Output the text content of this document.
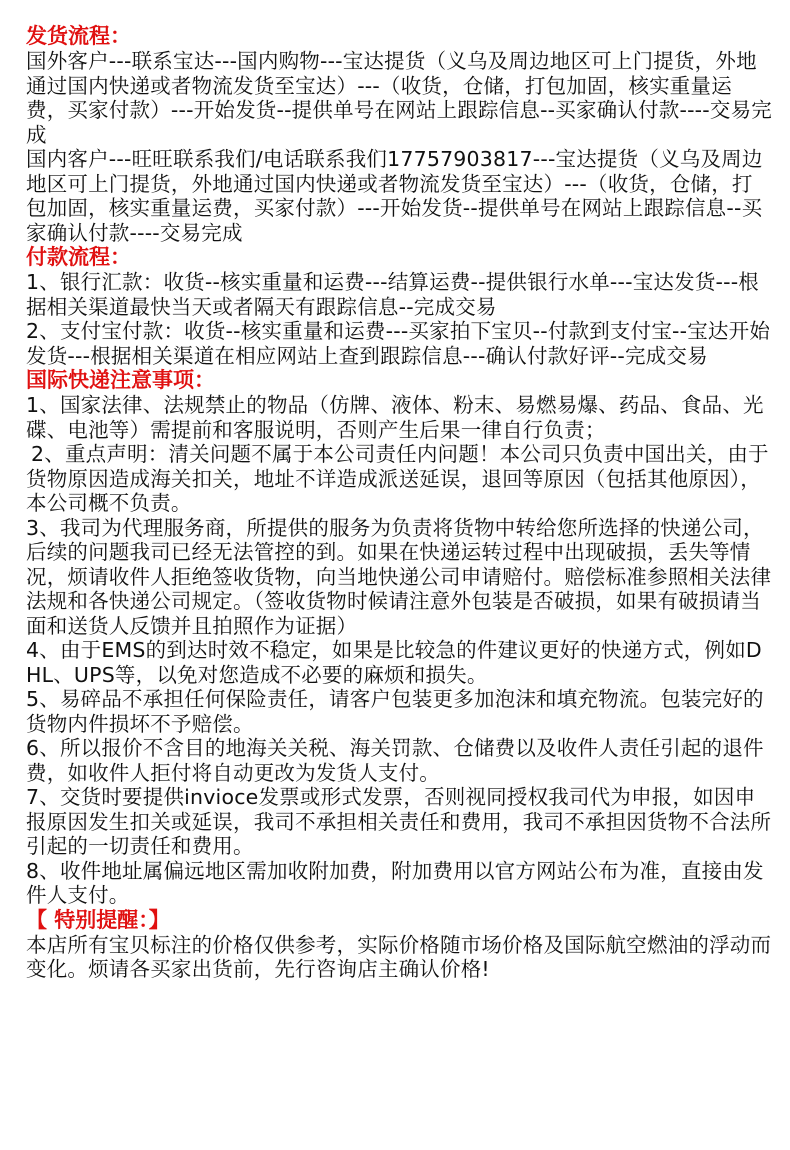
发货流程：

国外客户---联系宝达---国内购物---宝达提货（义乌及周边地区可上门提货，外地通过国内快递或者物流发货至宝达）---（收货，仓储，打包加固，核实重量运费，买家付款）---开始发货--提供单号在网站上跟踪信息--买家确认付款----交易完成

国内客户---旺旺联系我们/电话联系我们17757903817---宝达提货（义乌及周边地区可上门提货，外地通过国内快递或者物流发货至宝达）---（收货，仓储，打包加固，核实重量运费，买家付款）---开始发货--提供单号在网站上跟踪信息--买家确认付款----交易完成

付款流程：

1、银行汇款：收货--核实重量和运费---结算运费--提供银行水单---宝达发货---根据相关渠道最快当天或者隔天有跟踪信息--完成交易

2、支付宝付款：收货--核实重量和运费---买家拍下宝贝--付款到支付宝--宝达开始发货---根据相关渠道在相应网站上查到跟踪信息---确认付款好评--完成交易

国际快递注意事项：

1、国家法律、法规禁止的物品（仿牌、液体、粉末、易燃易爆、药品、食品、光碟、电池等）需提前和客服说明，否则产生后果一律自行负责；

2、重点声明：清关问题不属于本公司责任内问题！本公司只负责中国出关，由于货物原因造成海关扣关，地址不详造成派送延误，退回等原因（包括其他原因），本公司概不负责。

3、我司为代理服务商，所提供的服务为负责将货物中转给您所选择的快递公司，后续的问题我司已经无法管控的到。如果在快递运转过程中出现破损，丢失等情况，烦请收件人拒绝签收货物，向当地快递公司申请赔付。赔偿标准参照相关法律法规和各快递公司规定。（签收货物时候请注意外包装是否破损，如果有破损请当面和送货人反馈并且拍照作为证据）

4、由于EMS的到达时效不稳定，如果是比较急的件建议更好的快递方式，例如DHL、UPS等，以免对您造成不必要的麻烦和损失。

5、易碎品不承担任何保险责任，请客户包装更多加泡沫和填充物流。包装完好的货物内件损坏不予赔偿。

6、所以报价不含目的地海关关税、海关罚款、仓储费以及收件人责任引起的退件费，如收件人拒付将自动更改为发货人支付。

7、交货时要提供invioce发票或形式发票，否则视同授权我司代为申报，如因申报原因发生扣关或延误，我司不承担相关责任和费用，我司不承担因货物不合法所引起的一切责任和费用。

8、收件地址属偏远地区需加收附加费，附加费用以官方网站公布为准，直接由发件人支付。

【 特别提醒：】

本店所有宝贝标注的价格仅供参考，实际价格随市场价格及国际航空燃油的浮动而变化。烦请各买家出货前，先行咨询店主确认价格!
